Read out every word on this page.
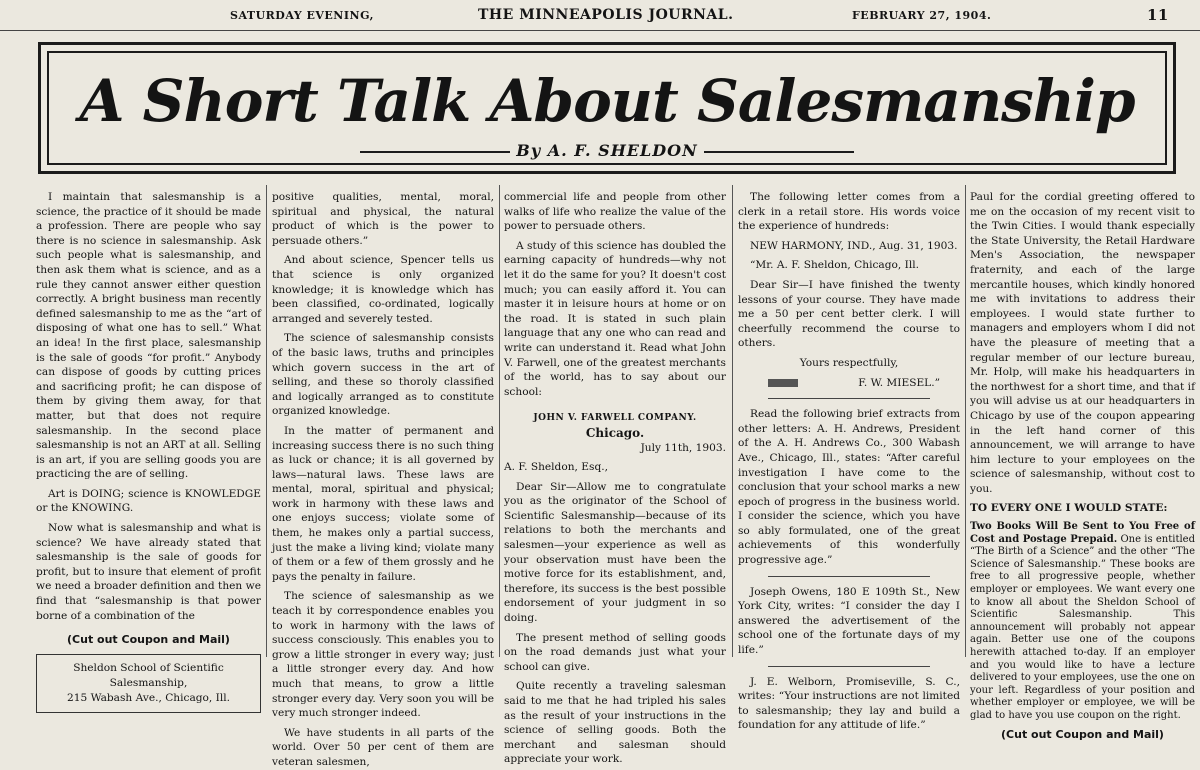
SATURDAY EVENING,	THE MINNEAPOLIS JOURNAL.	FEBRUARY 27, 1904.	11
A Short Talk About Salesmanship
By A. F. SHELDON

I maintain that salesmanship is a science, the practice of it should be made a profession. There are people who say there is no science in salesmanship. Ask such people what is salesmanship, and then ask them what is science, and as a rule they cannot answer either question correctly. A bright business man recently defined salesmanship to me as the “art of disposing of what one has to sell.” What an idea! In the first place, salesmanship is the sale of goods “for profit.” Anybody can dispose of goods by cutting prices and sacrificing profit; he can dispose of them by giving them away, for that matter, but that does not require salesmanship. In the second place salesmanship is not an ART at all. Selling is an art, if you are selling goods you are practicing the are of selling.

Art is DOING; science is KNOWLEDGE or the KNOWING.

Now what is salesmanship and what is science? We have already stated that salesmanship is the sale of goods for profit, but to insure that element of profit we need a broader definition and then we find that “salesmanship is that power borne of a combination of the

(Cut out Coupon and Mail)
Sheldon School of Scientific Salesmanship,
215 Wabash Ave., Chicago, Ill.

positive qualities, mental, moral, spiritual and physical, the natural product of which is the power to persuade others.”

And about science, Spencer tells us that science is only organized knowledge; it is knowledge which has been classified, co-ordinated, logically arranged and severely tested.

The science of salesmanship consists of the basic laws, truths and principles which govern success in the art of selling, and these so thoroly classified and logically arranged as to constitute organized knowledge.

In the matter of permanent and increasing success there is no such thing as luck or chance; it is all governed by laws—natural laws. These laws are mental, moral, spiritual and physical; work in harmony with these laws and one enjoys success; violate some of them, he makes only a partial success, just the make a living kind; violate many of them or a few of them grossly and he pays the penalty in failure.

The science of salesmanship as we teach it by correspondence enables you to work in harmony with the laws of success consciously. This enables you to grow a little stronger in every way; just a little stronger every day. And how much that means, to grow a little stronger every day. Very soon you will be very much stronger indeed.

We have students in all parts of the world. Over 50 per cent of them are veteran salesmen,

commercial life and people from other walks of life who realize the value of the power to persuade others.

A study of this science has doubled the earning capacity of hundreds—why not let it do the same for you? It doesn't cost much; you can easily afford it. You can master it in leisure hours at home or on the road. It is stated in such plain language that any one who can read and write can understand it. Read what John V. Farwell, one of the greatest merchants of the world, has to say about our school:

JOHN V. FARWELL COMPANY.
Chicago.

July 11th, 1903.

A. F. Sheldon, Esq.,

Dear Sir—Allow me to congratulate you as the originator of the School of Scientific Salesmanship—because of its relations to both the merchants and salesmen—your experience as well as your observation must have been the motive force for its establishment, and, therefore, its success is the best possible endorsement of your judgment in so doing.

The present method of selling goods on the road demands just what your school can give.

Quite recently a traveling salesman said to me that he had tripled his sales as the result of your instructions in the science of selling goods. Both the merchant and salesman should appreciate your work.

The following letter comes from a clerk in a retail store. His words voice the experience of hundreds:

NEW HARMONY, IND., Aug. 31, 1903.

“Mr. A. F. Sheldon, Chicago, Ill.

Dear Sir—I have finished the twenty lessons of your course. They have made me a 50 per cent better clerk. I will cheerfully recommend the course to others.

Yours respectfully,

F. W. MIESEL.”

Read the following brief extracts from other letters: A. H. Andrews, President of the A. H. Andrews Co., 300 Wabash Ave., Chicago, Ill., states: “After careful investigation I have come to the conclusion that your school marks a new epoch of progress in the business world. I consider the science, which you have so ably formulated, one of the great achievements of this wonderfully progressive age.”

Joseph Owens, 180 E 109th St., New York City, writes: “I consider the day I answered the advertisement of the school one of the fortunate days of my life.”

J. E. Welborn, Promiseville, S. C., writes: “Your instructions are not limited to salesmanship; they lay and build a foundation for any attitude of life.”

Paul for the cordial greeting offered to me on the occasion of my recent visit to the Twin Cities. I would thank especially the State University, the Retail Hardware Men's Association, the newspaper fraternity, and each of the large mercantile houses, which kindly honored me with invitations to address their employees. I would state further to managers and employers whom I did not have the pleasure of meeting that a regular member of our lecture bureau, Mr. Holp, will make his headquarters in the northwest for a short time, and that if you will advise us at our headquarters in Chicago by use of the coupon appearing in the left hand corner of this announcement, we will arrange to have him lecture to your employees on the science of salesmanship, without cost to you.

TO EVERY ONE I WOULD STATE:

Two Books Will Be Sent to You Free of Cost and Postage Prepaid. One is entitled “The Birth of a Science” and the other “The Science of Salesmanship.” These books are free to all progressive people, whether employer or employees. We want every one to know all about the Sheldon School of Scientific Salesmanship. This announcement will probably not appear again. Better use one of the coupons herewith attached to-day. If an employer and you would like to have a lecture delivered to your employees, use the one on your left. Regardless of your position and whether employer or employee, we will be glad to have you use coupon on the right.

(Cut out Coupon and Mail)
